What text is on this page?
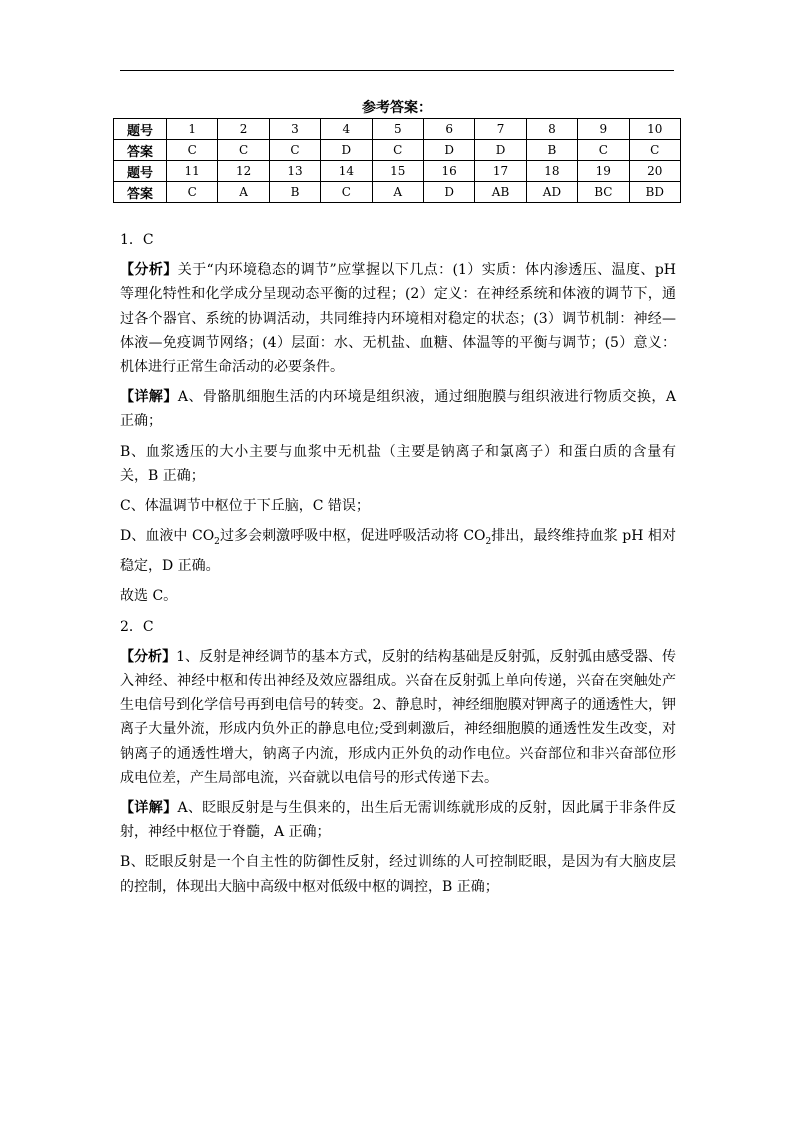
参考答案：
题号	1	2	3	4	5	6	7	8	9	10
答案	C	C	C	D	C	D	D	B	C	C
题号	11	12	13	14	15	16	17	18	19	20
答案	C	A	B	C	A	D	AB	AD	BC	BD

1．C

【分析】关于“内环境稳态的调节”应掌握以下几点：(1）实质：体内渗透压、温度、pH 等理化特性和化学成分呈现动态平衡的过程；(2）定义：在神经系统和体液的调节下，通过各个器官、系统的协调活动，共同维持内环境相对稳定的状态；(3）调节机制：神经—体液—免疫调节网络；(4）层面：水、无机盐、血糖、体温等的平衡与调节；(5）意义：机体进行正常生命活动的必要条件。

【详解】A、骨骼肌细胞生活的内环境是组织液，通过细胞膜与组织液进行物质交换，A 正确；

B、血浆透压的大小主要与血浆中无机盐（主要是钠离子和氯离子）和蛋白质的含量有关，B 正确；

C、体温调节中枢位于下丘脑，C 错误；

D、血液中 $CO_2$过多会刺激呼吸中枢，促进呼吸活动将 $CO_2$排出，最终维持血浆 pH 相对稳定，D 正确。

故选 C。

2．C

【分析】1、反射是神经调节的基本方式，反射的结构基础是反射弧，反射弧由感受器、传入神经、神经中枢和传出神经及效应器组成。兴奋在反射弧上单向传递，兴奋在突触处产生电信号到化学信号再到电信号的转变。2、静息时，神经细胞膜对钾离子的通透性大，钾离子大量外流，形成内负外正的静息电位;受到刺激后，神经细胞膜的通透性发生改变，对钠离子的通透性增大，钠离子内流，形成内正外负的动作电位。兴奋部位和非兴奋部位形成电位差，产生局部电流，兴奋就以电信号的形式传递下去。

【详解】A、眨眼反射是与生俱来的，出生后无需训练就形成的反射，因此属于非条件反射，神经中枢位于脊髓，A 正确；

B、眨眼反射是一个自主性的防御性反射，经过训练的人可控制眨眼，是因为有大脑皮层的控制，体现出大脑中高级中枢对低级中枢的调控，B 正确；
